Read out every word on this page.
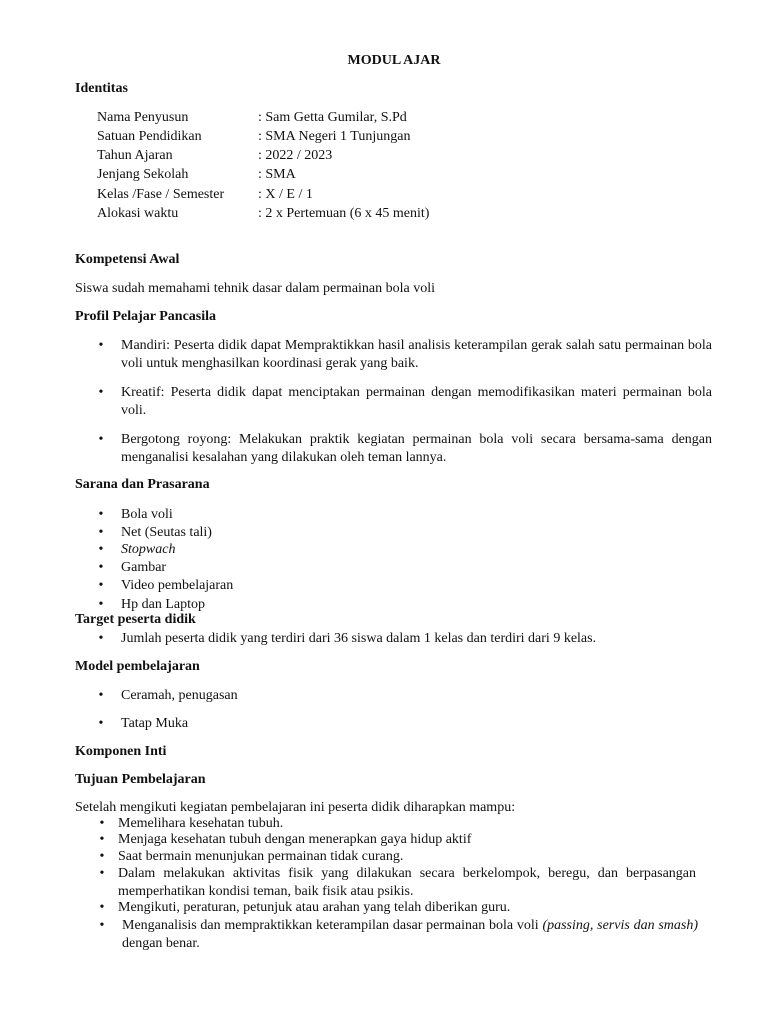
MODUL AJAR
Identitas
Nama Penyusun	: Sam Getta Gumilar, S.Pd
Satuan Pendidikan	: SMA Negeri 1 Tunjungan
Tahun Ajaran	: 2022 / 2023
Jenjang Sekolah	: SMA
Kelas /Fase / Semester : X / E / 1
Alokasi waktu	: 2 x Pertemuan (6 x 45 menit)
Kompetensi Awal
Siswa sudah memahami tehnik dasar dalam permainan bola voli
Profil Pelajar Pancasila
• Mandiri: Peserta didik dapat Mempraktikkan hasil analisis keterampilan gerak salah satu permainan bola voli untuk menghasilkan koordinasi gerak yang baik.
• Kreatif: Peserta didik dapat menciptakan permainan dengan memodifikasikan materi permainan bola voli.
• Bergotong royong: Melakukan praktik kegiatan permainan bola voli secara bersama-sama dengan menganalisi kesalahan yang dilakukan oleh teman lannya.
Sarana dan Prasarana
• Bola voli
• Net (Seutas tali)
• Stopwach
• Gambar
• Video pembelajaran
• Hp dan Laptop
Target peserta didik
• Jumlah peserta didik yang terdiri dari 36 siswa dalam 1 kelas dan terdiri dari 9 kelas.
Model pembelajaran
• Ceramah, penugasan
• Tatap Muka
Komponen Inti
Tujuan Pembelajaran
Setelah mengikuti kegiatan pembelajaran ini peserta didik diharapkan mampu:
• Memelihara kesehatan tubuh.
• Menjaga kesehatan tubuh dengan menerapkan gaya hidup aktif
• Saat bermain menunjukan permainan tidak curang.
• Dalam melakukan aktivitas fisik yang dilakukan secara berkelompok, beregu, dan berpasangan memperhatikan kondisi teman, baik fisik atau psikis.
• Mengikuti, peraturan, petunjuk atau arahan yang telah diberikan guru.
• Menganalisis dan mempraktikkan keterampilan dasar permainan bola voli (passing, servis dan smash) dengan benar.
